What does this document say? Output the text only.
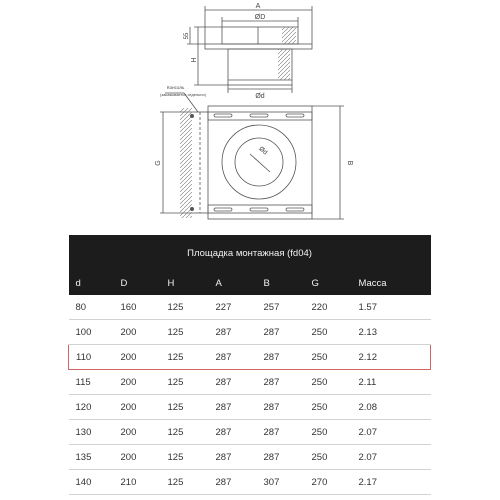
A
ØD
Ød
H
55
Ød
G	B
Консоль
(заказывается отдельно)
Площадка монтажная (fd04)						
d	D	H	A	B	G	Масса
80	160	125	227	257	220	1.57
100	200	125	287	287	250	2.13
110	200	125	287	287	250	2.12
115	200	125	287	287	250	2.11
120	200	125	287	287	250	2.08
130	200	125	287	287	250	2.07
135	200	125	287	287	250	2.07
140	210	125	287	307	270	2.17
